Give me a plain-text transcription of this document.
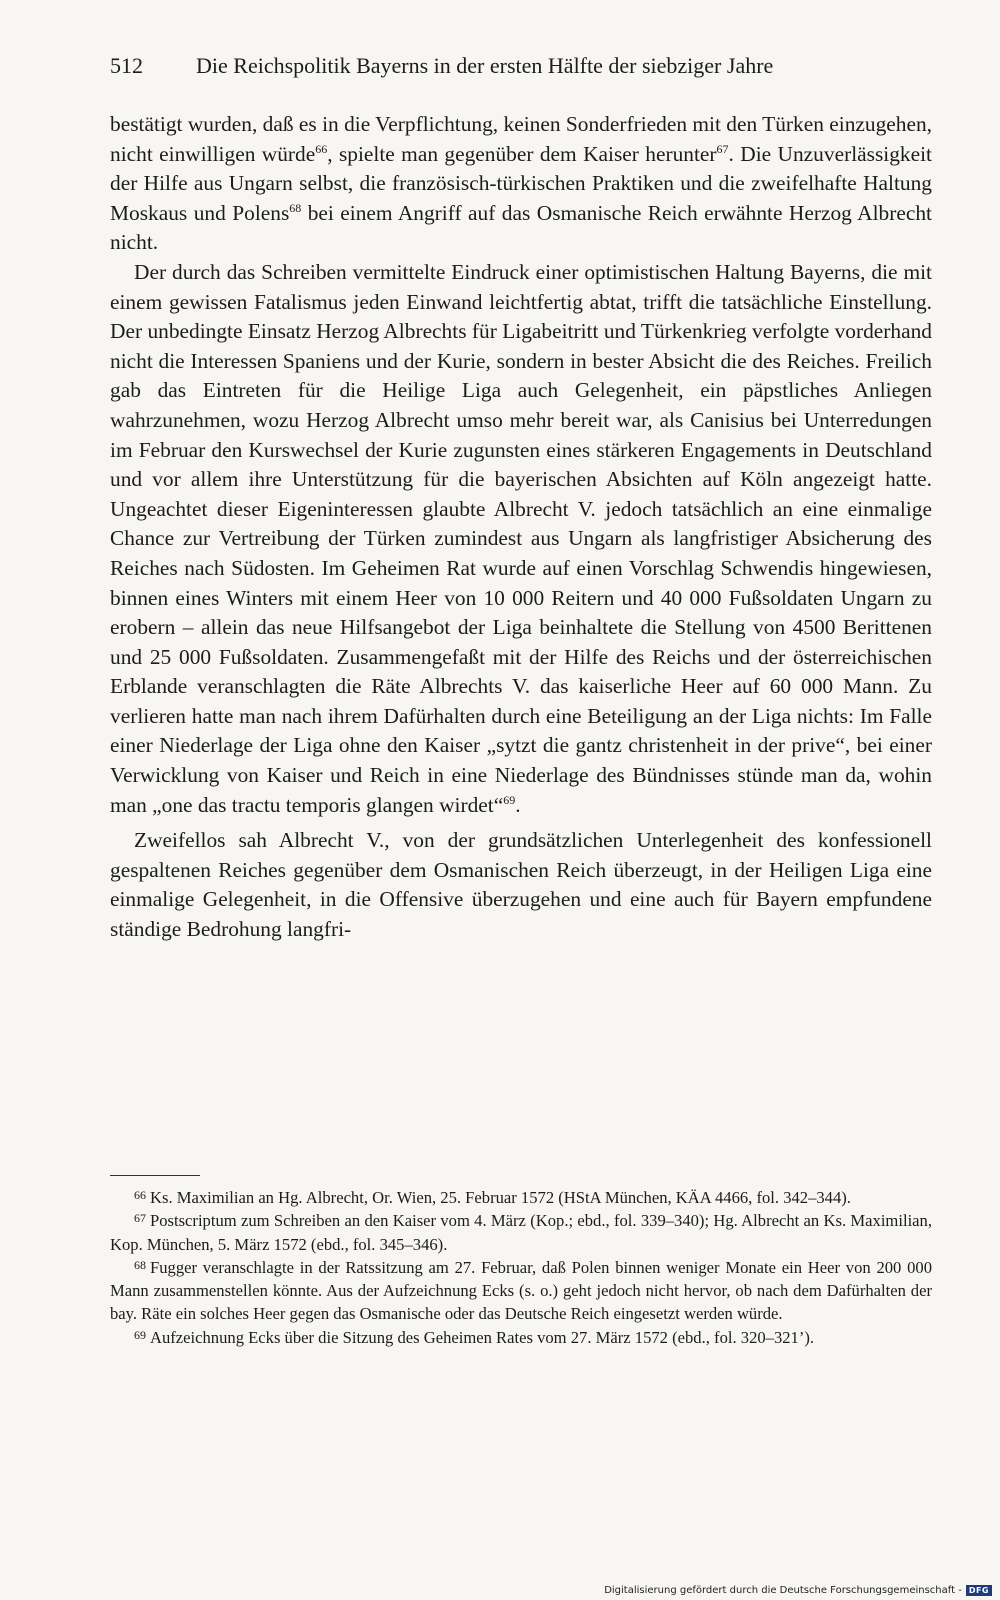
512 Die Reichspolitik Bayerns in der ersten Hälfte der siebziger Jahre

bestätigt wurden, daß es in die Verpflichtung, keinen Sonderfrieden mit den Türken einzugehen, nicht einwilligen würde$^{66}$, spielte man gegenüber dem Kaiser herunter$^{67}$. Die Unzuverlässigkeit der Hilfe aus Ungarn selbst, die französisch-türkischen Praktiken und die zweifelhafte Haltung Moskaus und Polens$^{68}$ bei einem Angriff auf das Osmanische Reich erwähnte Herzog Albrecht nicht.

Der durch das Schreiben vermittelte Eindruck einer optimistischen Haltung Bayerns, die mit einem gewissen Fatalismus jeden Einwand leichtfertig abtat, trifft die tatsächliche Einstellung. Der unbedingte Einsatz Herzog Albrechts für Ligabeitritt und Türkenkrieg verfolgte vorderhand nicht die Interessen Spaniens und der Kurie, sondern in bester Absicht die des Reiches. Freilich gab das Eintreten für die Heilige Liga auch Gelegenheit, ein päpstliches Anliegen wahrzunehmen, wozu Herzog Albrecht umso mehr bereit war, als Canisius bei Unterredungen im Februar den Kurswechsel der Kurie zugunsten eines stärkeren Engagements in Deutschland und vor allem ihre Unterstützung für die bayerischen Absichten auf Köln angezeigt hatte. Ungeachtet dieser Eigeninteressen glaubte Albrecht V. jedoch tatsächlich an eine einmalige Chance zur Vertreibung der Türken zumindest aus Ungarn als langfristiger Absicherung des Reiches nach Südosten. Im Geheimen Rat wurde auf einen Vorschlag Schwendis hingewiesen, binnen eines Winters mit einem Heer von 10 000 Reitern und 40 000 Fußsoldaten Ungarn zu erobern – allein das neue Hilfsangebot der Liga beinhaltete die Stellung von 4500 Berittenen und 25 000 Fußsoldaten. Zusammengefaßt mit der Hilfe des Reichs und der österreichischen Erblande veranschlagten die Räte Albrechts V. das kaiserliche Heer auf 60 000 Mann. Zu verlieren hatte man nach ihrem Dafürhalten durch eine Beteiligung an der Liga nichts: Im Falle einer Niederlage der Liga ohne den Kaiser „sytzt die gantz christenheit in der prive“, bei einer Verwicklung von Kaiser und Reich in eine Niederlage des Bündnisses stünde man da, wohin man „one das tractu temporis glangen wirdet“$^{69}$.

Zweifellos sah Albrecht V., von der grundsätzlichen Unterlegenheit des konfessionell gespaltenen Reiches gegenüber dem Osmanischen Reich überzeugt, in der Heiligen Liga eine einmalige Gelegenheit, in die Offensive überzugehen und eine auch für Bayern empfundene ständige Bedrohung langfri-

$^{66}$ Ks. Maximilian an Hg. Albrecht, Or. Wien, 25. Februar 1572 (HStA München, KÄA 4466, fol. 342–344).

$^{67}$ Postscriptum zum Schreiben an den Kaiser vom 4. März (Kop.; ebd., fol. 339–340); Hg. Albrecht an Ks. Maximilian, Kop. München, 5. März 1572 (ebd., fol. 345–346).

$^{68}$ Fugger veranschlagte in der Ratssitzung am 27. Februar, daß Polen binnen weniger Monate ein Heer von 200 000 Mann zusammenstellen könnte. Aus der Aufzeichnung Ecks (s. o.) geht jedoch nicht hervor, ob nach dem Dafürhalten der bay. Räte ein solches Heer gegen das Osmanische oder das Deutsche Reich eingesetzt werden würde.

$^{69}$ Aufzeichnung Ecks über die Sitzung des Geheimen Rates vom 27. März 1572 (ebd., fol. 320–321’).

Digitalisierung gefördert durch die Deutsche Forschungsgemeinschaft - DFG
